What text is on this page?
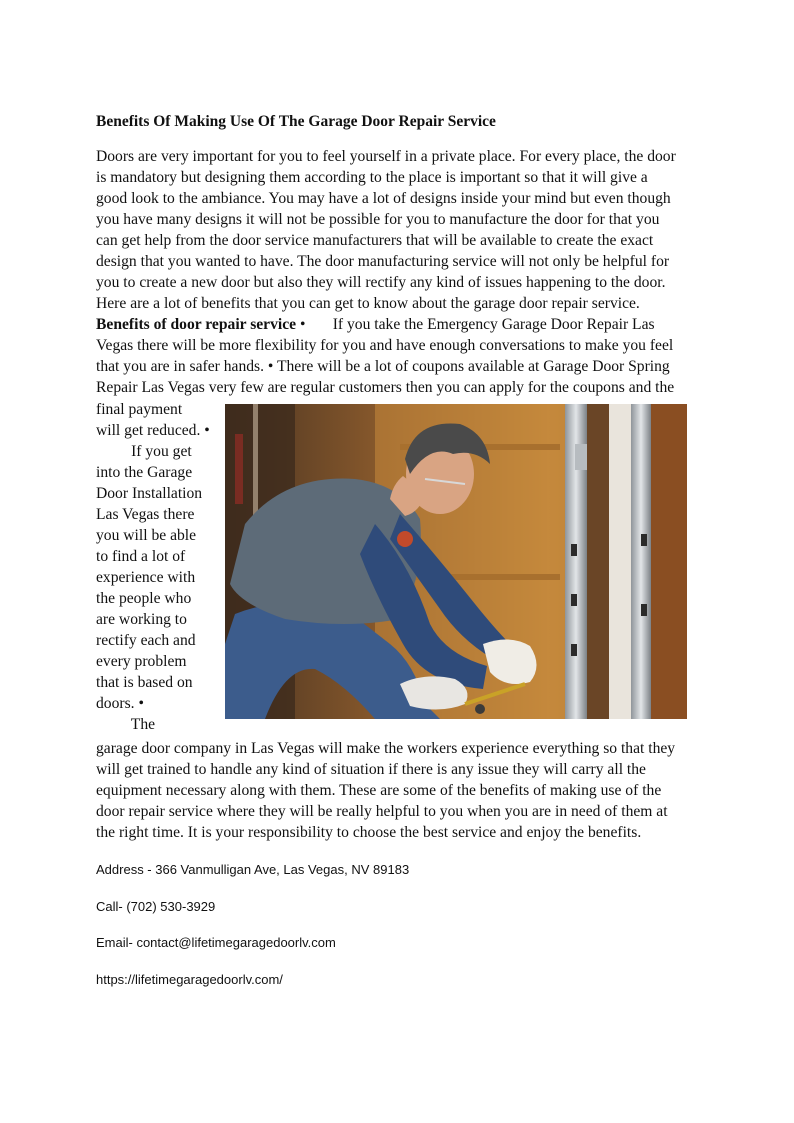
Benefits Of Making Use Of The Garage Door Repair Service
Doors are very important for you to feel yourself in a private place. For every place, the door
is mandatory but designing them according to the place is important so that it will give a
good look to the ambiance. You may have a lot of designs inside your mind but even though
you have many designs it will not be possible for you to manufacture the door for that you
can get help from the door service manufacturers that will be available to create the exact
design that you wanted to have. The door manufacturing service will not only be helpful for
you to create a new door but also they will rectify any kind of issues happening to the door.
Here are a lot of benefits that you can get to know about the garage door repair service.
Benefits of door repair service •       If you take the Emergency Garage Door Repair Las
Vegas there will be more flexibility for you and have enough conversations to make you feel
that you are in safer hands. • There will be a lot of coupons available at Garage Door Spring
Repair Las Vegas very few are regular customers then you can apply for the coupons and the
final payment
will get reduced. •
If you get
into the Garage
Door Installation
Las Vegas there
you will be able
to find a lot of
experience with
the people who
are working to
rectify each and
every problem
that is based on
doors. •
The
garage door company in Las Vegas will make the workers experience everything so that they
will get trained to handle any kind of situation if there is any issue they will carry all the
equipment necessary along with them. These are some of the benefits of making use of the
door repair service where they will be really helpful to you when you are in need of them at
the right time. It is your responsibility to choose the best service and enjoy the benefits.
Address - 366 Vanmulligan Ave, Las Vegas, NV 89183
Call- (702) 530-3929
Email- contact@lifetimegaragedoorlv.com
https://lifetimegaragedoorlv.com/
